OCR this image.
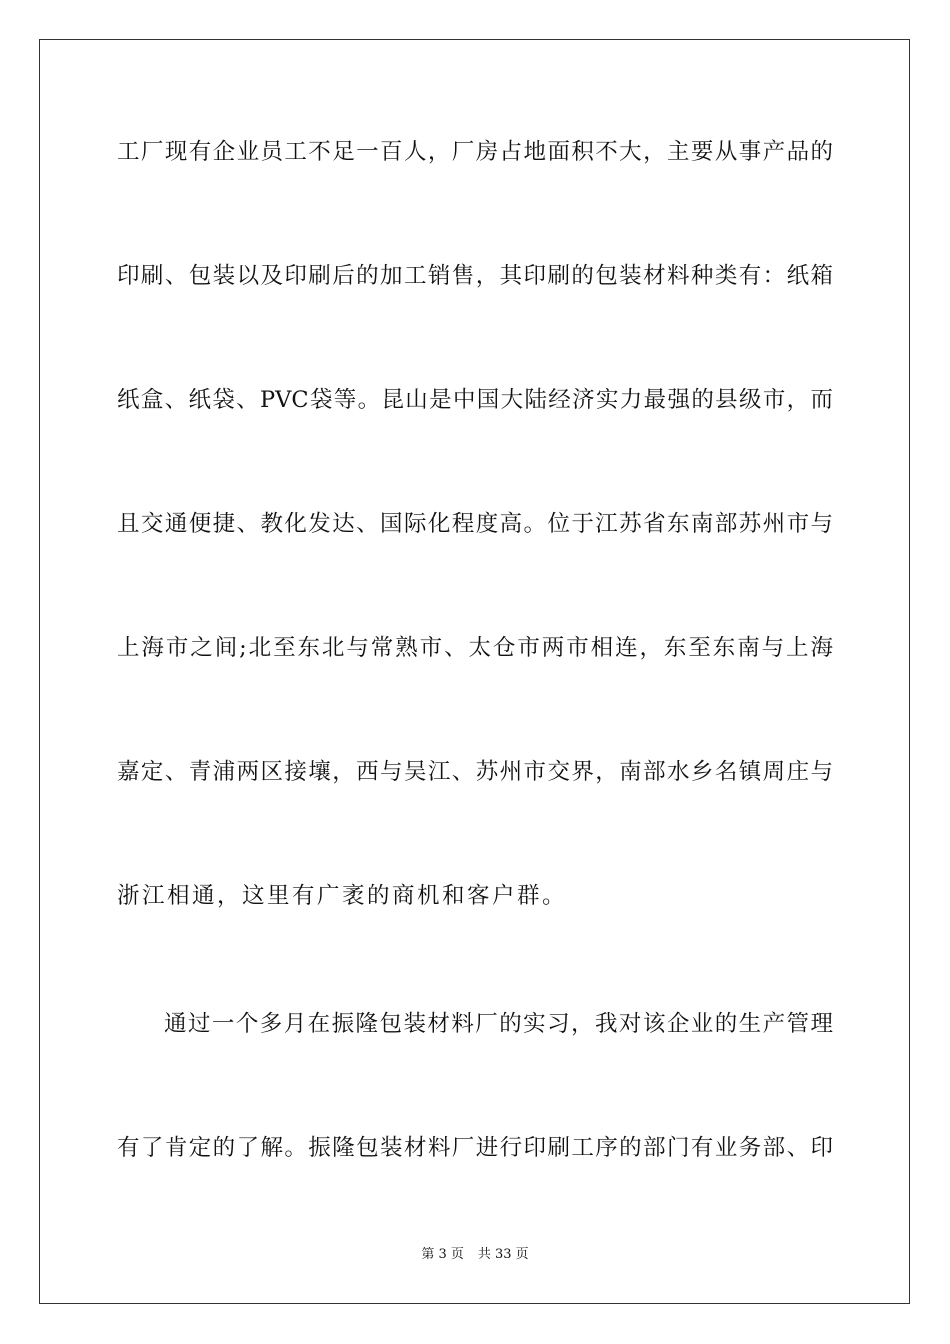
工厂现有企业员工不足一百人，厂房占地面积不大，主要从事产品的
印刷、包装以及印刷后的加工销售，其印刷的包装材料种类有：纸箱
纸盒、纸袋、PVC袋等。昆山是中国大陆经济实力最强的县级市，而
且交通便捷、教化发达、国际化程度高。位于江苏省东南部苏州市与
上海市之间;北至东北与常熟市、太仓市两市相连，东至东南与上海
嘉定、青浦两区接壤，西与吴江、苏州市交界，南部水乡名镇周庄与
浙江相通，这里有广袤的商机和客户群。
通过一个多月在振隆包装材料厂的实习，我对该企业的生产管理
有了肯定的了解。振隆包装材料厂进行印刷工序的部门有业务部、印
第 3 页 共 33 页
